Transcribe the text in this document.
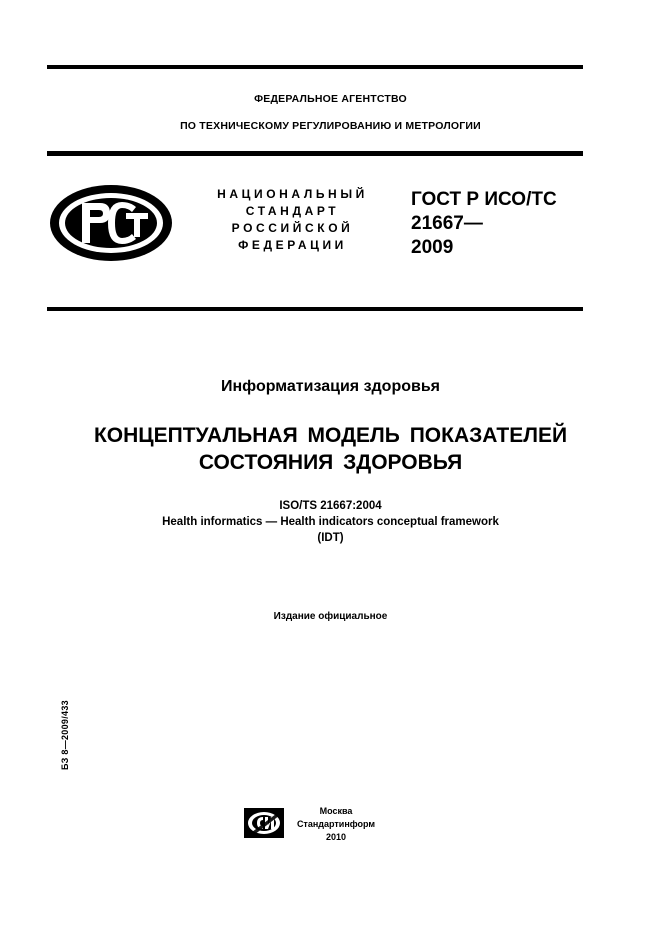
ФЕДЕРАЛЬНОЕ АГЕНТСТВО
ПО ТЕХНИЧЕСКОМУ РЕГУЛИРОВАНИЮ И МЕТРОЛОГИИ
НАЦИОНАЛЬНЫЙ
СТАНДАРТ
РОССИЙСКОЙ
ФЕДЕРАЦИИ
ГОСТ Р ИСО/ТС
21667—
2009
Информатизация здоровья
КОНЦЕПТУАЛЬНАЯ МОДЕЛЬ ПОКАЗАТЕЛЕЙ
СОСТОЯНИЯ ЗДОРОВЬЯ
ISO/TS 21667:2004
Health informatics — Health indicators conceptual framework
(IDT)
Издание официальное
БЗ 8—2009/433
Москва
Стандартинформ
2010
